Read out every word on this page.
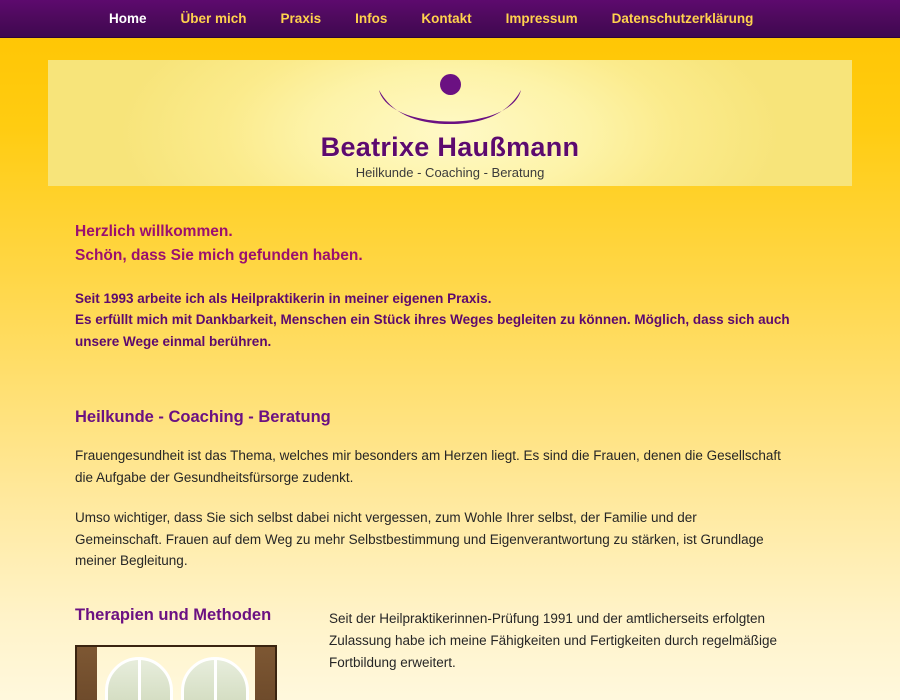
Home	Über mich	Praxis	Infos	Kontakt	Impressum	Datenschutzerklärung
Beatrixe Haußmann
Heilkunde - Coaching - Beratung
Herzlich willkommen.
Schön, dass Sie mich gefunden haben.
Seit 1993 arbeite ich als Heilpraktikerin in meiner eigenen Praxis.
Es erfüllt mich mit Dankbarkeit, Menschen ein Stück ihres Weges begleiten zu können. Möglich, dass sich auch unsere Wege einmal berühren.
Heilkunde - Coaching - Beratung

Frauengesundheit ist das Thema, welches mir besonders am Herzen liegt. Es sind die Frauen, denen die Gesellschaft die Aufgabe der Gesundheitsfürsorge zudenkt.

Umso wichtiger, dass Sie sich selbst dabei nicht vergessen, zum Wohle Ihrer selbst, der Familie und der Gemeinschaft. Frauen auf dem Weg zu mehr Selbstbestimmung und Eigenverantwortung zu stärken, ist Grundlage meiner Begleitung.

Therapien und Methoden	Seit der Heilpraktikerinnen-Prüfung 1991 und der amtlicherseits erfolgten Zulassung habe ich meine Fähigkeiten und Fertigkeiten durch regelmäßige Fortbildung erweitert.
